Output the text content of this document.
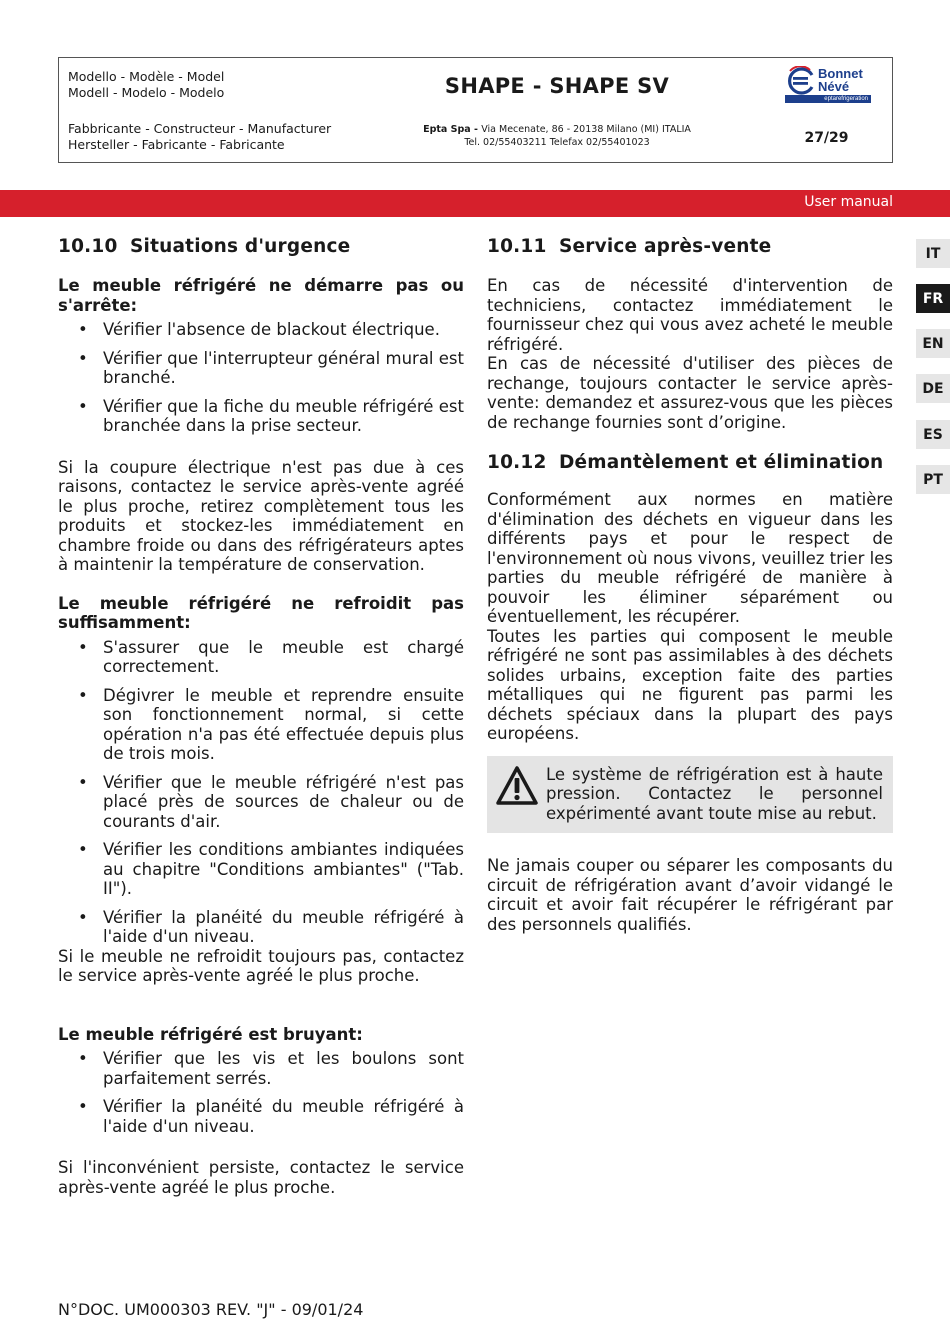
Modello - Modèle - Model
Modell - Modelo - Modelo	SHAPE - SHAPE SV	Bonnet
Névé
eptarefrigeration
Fabbricante - Constructeur - Manufacturer
Hersteller - Fabricante - Fabricante
Epta Spa - Via Mecenate, 86 - 20138 Milano (MI) ITALIA
Tel. 02/55403211 Telefax 02/55401023	27/29
User manual
IT
FR
EN
DE
ES
PT
10.10 Situations d'urgence
Le meuble réfrigéré ne démarre pas ou s'arrête:
• Vérifier l'absence de blackout électrique.
• Vérifier que l'interrupteur général mural est branché.
• Vérifier que la fiche du meuble réfrigéré est branchée dans la prise secteur.

Si la coupure électrique n'est pas due à ces raisons, contactez le service après-vente agréé le plus proche, retirez complètement tous les produits et stockez-les immédiatement en chambre froide ou dans des réfrigérateurs aptes à maintenir la température de conservation.

Le meuble réfrigéré ne refroidit pas suffisamment:
• S'assurer que le meuble est chargé correctement.
• Dégivrer le meuble et reprendre ensuite son fonctionnement normal, si cette opération n'a pas été effectuée depuis plus de trois mois.
• Vérifier que le meuble réfrigéré n'est pas placé près de sources de chaleur ou de courants d'air.
• Vérifier les conditions ambiantes indiquées au chapitre "Conditions ambiantes" ("Tab. II").
• Vérifier la planéité du meuble réfrigéré à l'aide d'un niveau.

Si le meuble ne refroidit toujours pas, contactez le service après-vente agréé le plus proche.

Le meuble réfrigéré est bruyant:
• Vérifier que les vis et les boulons sont parfaitement serrés.
• Vérifier la planéité du meuble réfrigéré à l'aide d'un niveau.

Si l'inconvénient persiste, contactez le service après-vente agréé le plus proche.

10.11 Service après-vente

En cas de nécessité d'intervention de techniciens, contactez immédiatement le fournisseur chez qui vous avez acheté le meuble réfrigéré.

En cas de nécessité d'utiliser des pièces de rechange, toujours contacter le service après-vente: demandez et assurez-vous que les pièces de rechange fournies sont d’origine.

10.12 Démantèlement et élimination

Conformément aux normes en matière d'élimination des déchets en vigueur dans les différents pays et pour le respect de l'environnement où nous vivons, veuillez trier les parties du meuble réfrigéré de manière à pouvoir les éliminer séparément ou éventuellement, les récupérer.

Toutes les parties qui composent le meuble réfrigéré ne sont pas assimilables à des déchets solides urbains, exception faite des parties métalliques qui ne figurent pas parmi les déchets spéciaux dans la plupart des pays européens.

Le système de réfrigération est à haute pression. Contactez le personnel expérimenté avant toute mise au rebut.

Ne jamais couper ou séparer les composants du circuit de réfrigération avant d’avoir vidangé le circuit et avoir fait récupérer le réfrigérant par des personnels qualifiés.

N°DOC. UM000303 REV. "J" - 09/01/24
